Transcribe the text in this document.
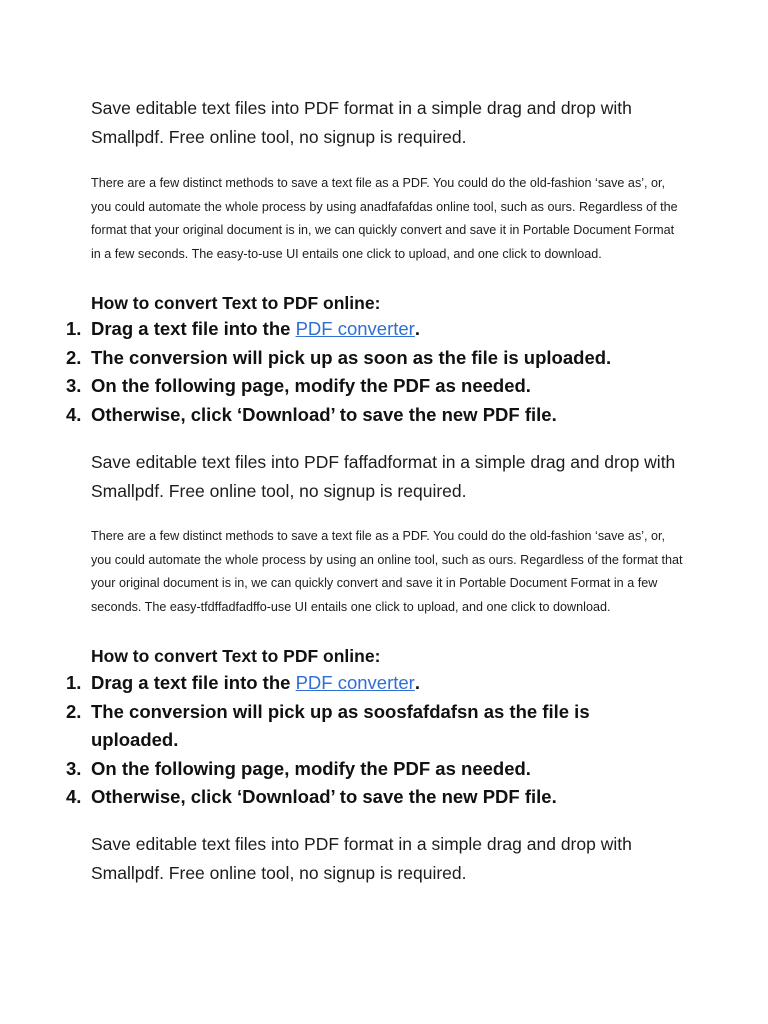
Save editable text files into PDF format in a simple drag and drop with Smallpdf. Free online tool, no signup is required.

There are a few distinct methods to save a text file as a PDF. You could do the old-fashion ‘save as’, or, you could automate the whole process by using anadfafafdas online tool, such as ours. Regardless of the format that your original document is in, we can quickly convert and save it in Portable Document Format in a few seconds. The easy-to-use UI entails one click to upload, and one click to download.

How to convert Text to PDF online:

1. Drag a text file into the PDF converter.
2. The conversion will pick up as soon as the file is uploaded.
3. On the following page, modify the PDF as needed.
4. Otherwise, click ‘Download’ to save the new PDF file.

Save editable text files into PDF faffadformat in a simple drag and drop with Smallpdf. Free online tool, no signup is required.

There are a few distinct methods to save a text file as a PDF. You could do the old-fashion ‘save as’, or, you could automate the whole process by using an online tool, such as ours. Regardless of the format that your original document is in, we can quickly convert and save it in Portable Document Format in a few seconds. The easy-tfdffadfadffo-use UI entails one click to upload, and one click to download.

How to convert Text to PDF online:

1. Drag a text file into the PDF converter.
2. The conversion will pick up as soosfafdafsn as the file is uploaded.
3. On the following page, modify the PDF as needed.
4. Otherwise, click ‘Download’ to save the new PDF file.

Save editable text files into PDF format in a simple drag and drop with Smallpdf. Free online tool, no signup is required.
